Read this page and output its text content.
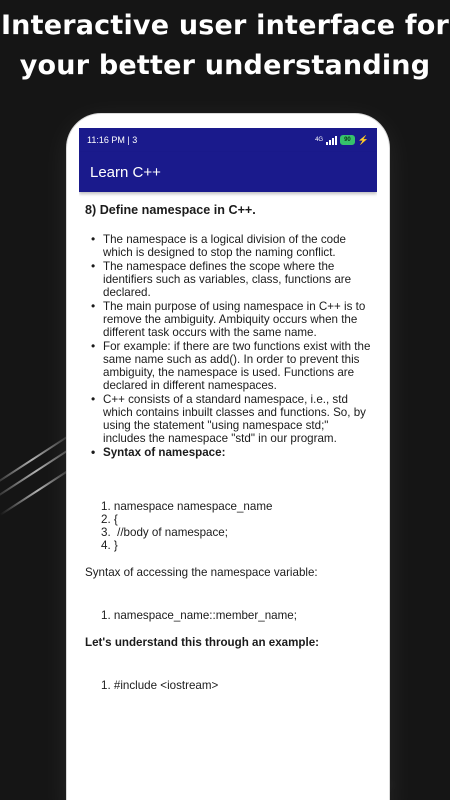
Interactive user interface for
your better understanding
11:16 PM | 3	4G	90 ⚡
Learn C++
8) Define namespace in C++.
• The namespace is a logical division of the code which is designed to stop the naming conflict.
• The namespace defines the scope where the identifiers such as variables, class, functions are declared.
• The main purpose of using namespace in C++ is to remove the ambiguity. Ambiquity occurs when the different task occurs with the same name.
• For example: if there are two functions exist with the same name such as add(). In order to prevent this ambiguity, the namespace is used. Functions are declared in different namespaces.
• C++ consists of a standard namespace, i.e., std which contains inbuilt classes and functions. So, by using the statement "using namespace std;" includes the namespace "std" in our program.
• Syntax of namespace:
1. namespace namespace_name
2. {
3.  //body of namespace;
4. }
Syntax of accessing the namespace variable:
1. namespace_name::member_name;
Let's understand this through an example:
1. #include <iostream>
